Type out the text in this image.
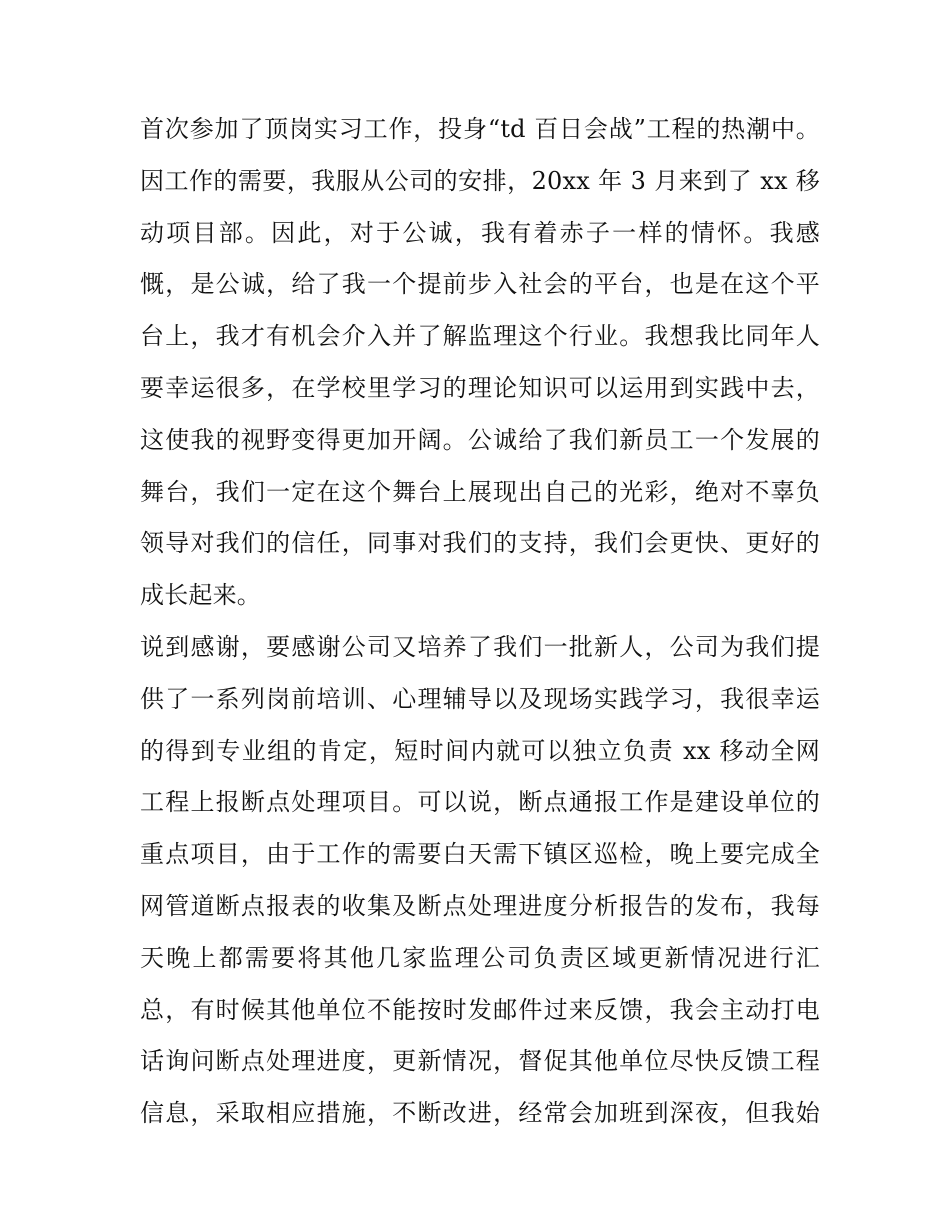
首次参加了顶岗实习工作，投身“td 百日会战”工程的热潮中。
因工作的需要，我服从公司的安排，20xx 年 3 月来到了 xx 移
动项目部。因此，对于公诚，我有着赤子一样的情怀。我感
慨，是公诚，给了我一个提前步入社会的平台，也是在这个平
台上，我才有机会介入并了解监理这个行业。我想我比同年人
要幸运很多，在学校里学习的理论知识可以运用到实践中去，
这使我的视野变得更加开阔。公诚给了我们新员工一个发展的
舞台，我们一定在这个舞台上展现出自己的光彩，绝对不辜负
领导对我们的信任，同事对我们的支持，我们会更快、更好的
成长起来。
说到感谢，要感谢公司又培养了我们一批新人，公司为我们提
供了一系列岗前培训、心理辅导以及现场实践学习，我很幸运
的得到专业组的肯定，短时间内就可以独立负责 xx 移动全网
工程上报断点处理项目。可以说，断点通报工作是建设单位的
重点项目，由于工作的需要白天需下镇区巡检，晚上要完成全
网管道断点报表的收集及断点处理进度分析报告的发布，我每
天晚上都需要将其他几家监理公司负责区域更新情况进行汇
总，有时候其他单位不能按时发邮件过来反馈，我会主动打电
话询问断点处理进度，更新情况，督促其他单位尽快反馈工程
信息，采取相应措施，不断改进，经常会加班到深夜，但我始
